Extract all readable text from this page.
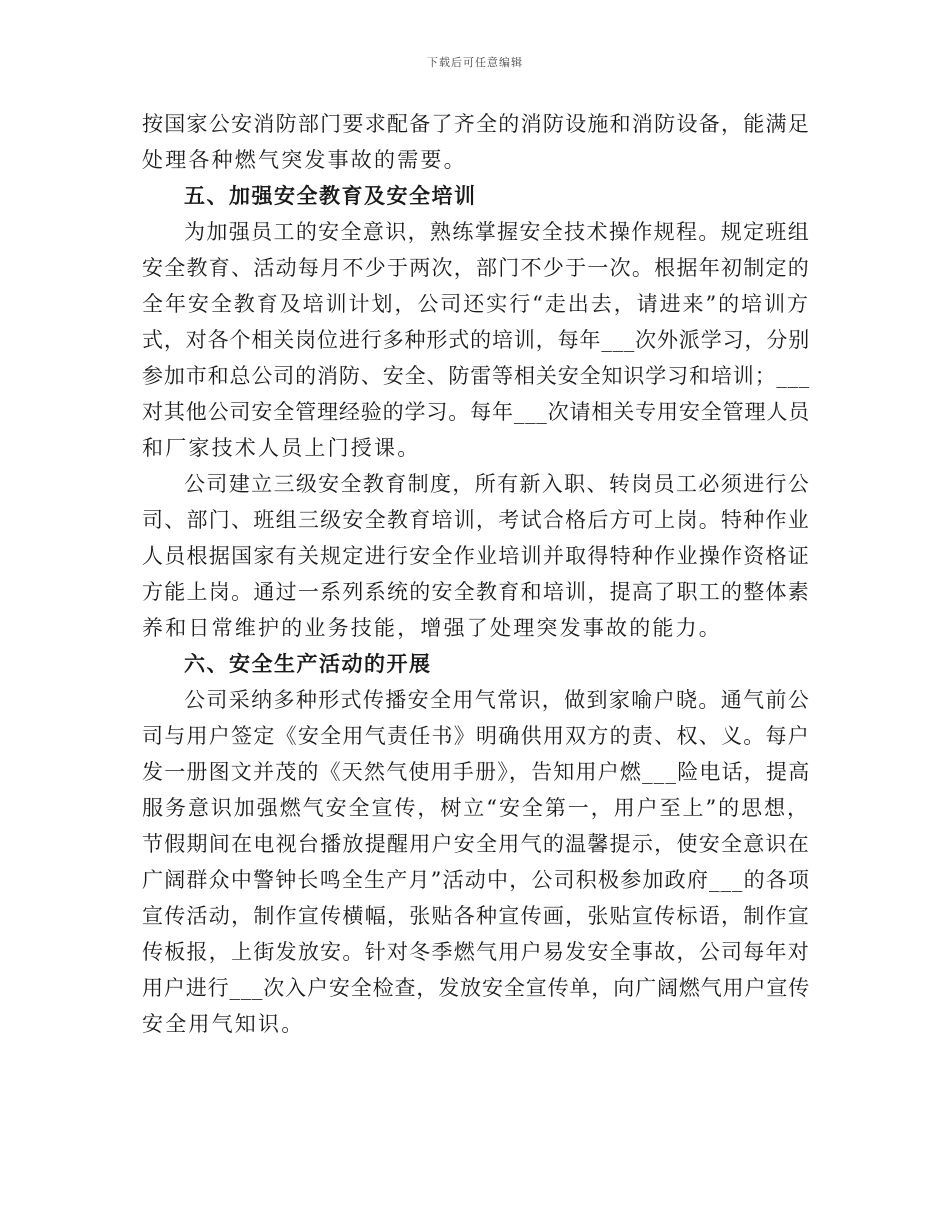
下载后可任意编辑
按国家公安消防部门要求配备了齐全的消防设施和消防设备，能满足
处理各种燃气突发事故的需要。
五、加强安全教育及安全培训
为加强员工的安全意识，熟练掌握安全技术操作规程。规定班组
安全教育、活动每月不少于两次，部门不少于一次。根据年初制定的
全年安全教育及培训计划，公司还实行“走出去，请进来”的培训方
式，对各个相关岗位进行多种形式的培训，每年___次外派学习，分别
参加市和总公司的消防、安全、防雷等相关安全知识学习和培训；___
对其他公司安全管理经验的学习。每年___次请相关专用安全管理人员
和厂家技术人员上门授课。
公司建立三级安全教育制度，所有新入职、转岗员工必须进行公
司、部门、班组三级安全教育培训，考试合格后方可上岗。特种作业
人员根据国家有关规定进行安全作业培训并取得特种作业操作资格证
方能上岗。通过一系列系统的安全教育和培训，提高了职工的整体素
养和日常维护的业务技能，增强了处理突发事故的能力。
六、安全生产活动的开展
公司采纳多种形式传播安全用气常识，做到家喻户晓。通气前公
司与用户签定《安全用气责任书》明确供用双方的责、权、义。每户
发一册图文并茂的《天然气使用手册》，告知用户燃___险电话，提高
服务意识加强燃气安全宣传，树立“安全第一，用户至上”的思想，
节假期间在电视台播放提醒用户安全用气的温馨提示，使安全意识在
广阔群众中警钟长鸣全生产月”活动中，公司积极参加政府___的各项
宣传活动，制作宣传横幅，张贴各种宣传画，张贴宣传标语，制作宣
传板报，上街发放安。针对冬季燃气用户易发安全事故，公司每年对
用户进行___次入户安全检查，发放安全宣传单，向广阔燃气用户宣传
安全用气知识。
